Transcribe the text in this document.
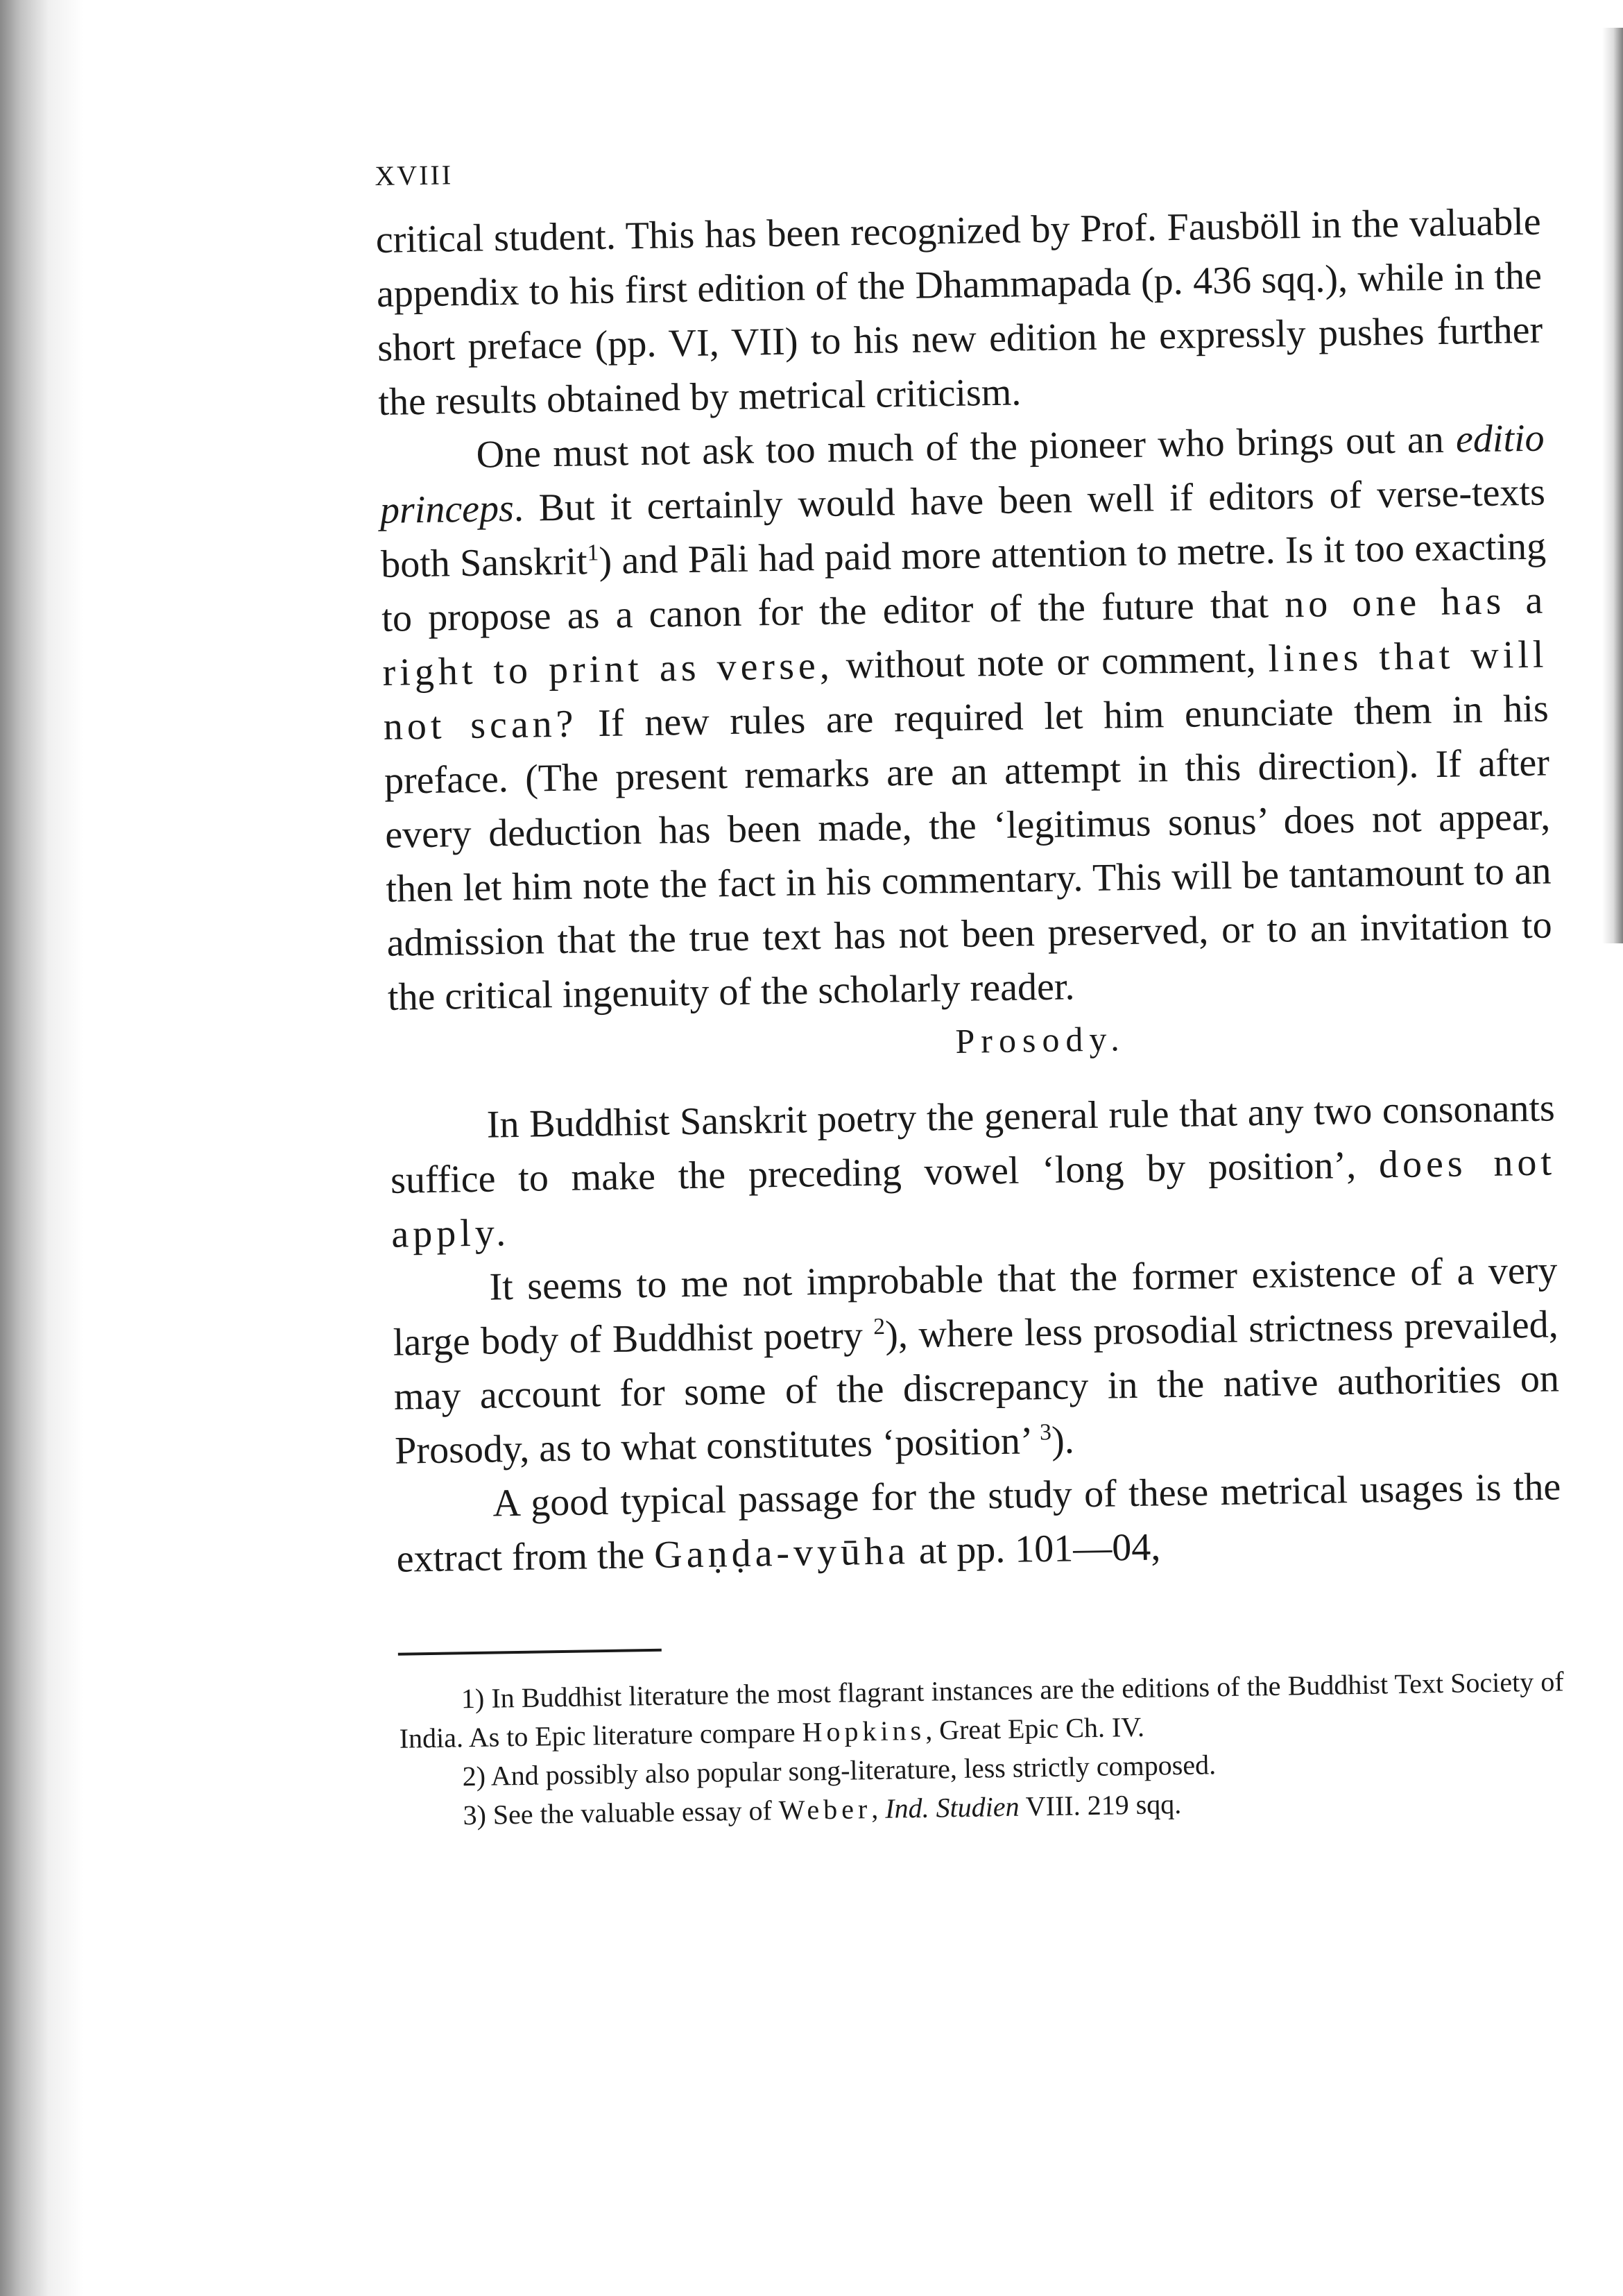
XVIII

critical student. This has been recognized by Prof. Fausböll in the valuable appendix to his first edition of the Dhammapada (p. 436 sqq.), while in the short preface (pp. VI, VII) to his new edition he expressly pushes further the results obtained by metrical criticism.

One must not ask too much of the pioneer who brings out an editio princeps. But it certainly would have been well if editors of verse-texts both Sanskrit$^1$) and Pāli had paid more attention to metre. Is it too exacting to propose as a canon for the editor of the future that no one has a right to print as verse, without note or comment, lines that will not scan? If new rules are required let him enunciate them in his preface. (The present remarks are an attempt in this direction). If after every deduction has been made, the ‘legitimus sonus’ does not appear, then let him note the fact in his commentary. This will be tantamount to an admission that the true text has not been preserved, or to an invitation to the critical ingenuity of the scholarly reader.

Prosody.

In Buddhist Sanskrit poetry the general rule that any two consonants suffice to make the preceding vowel ‘long by position’, does not apply.

It seems to me not improbable that the former existence of a very large body of Buddhist poetry $^2$), where less prosodial strictness prevailed, may account for some of the discrepancy in the native authorities on Prosody, as to what constitutes ‘position’ $^3$).

A good typical passage for the study of these metrical usages is the extract from the Gaṇḍa-vyūha at pp. 101—04,

1) In Buddhist literature the most flagrant instances are the editions of the Buddhist Text Society of India. As to Epic literature compare Hopkins, Great Epic Ch. IV.

2) And possibly also popular song-literature, less strictly composed.

3) See the valuable essay of Weber, Ind. Studien VIII. 219 sqq.
